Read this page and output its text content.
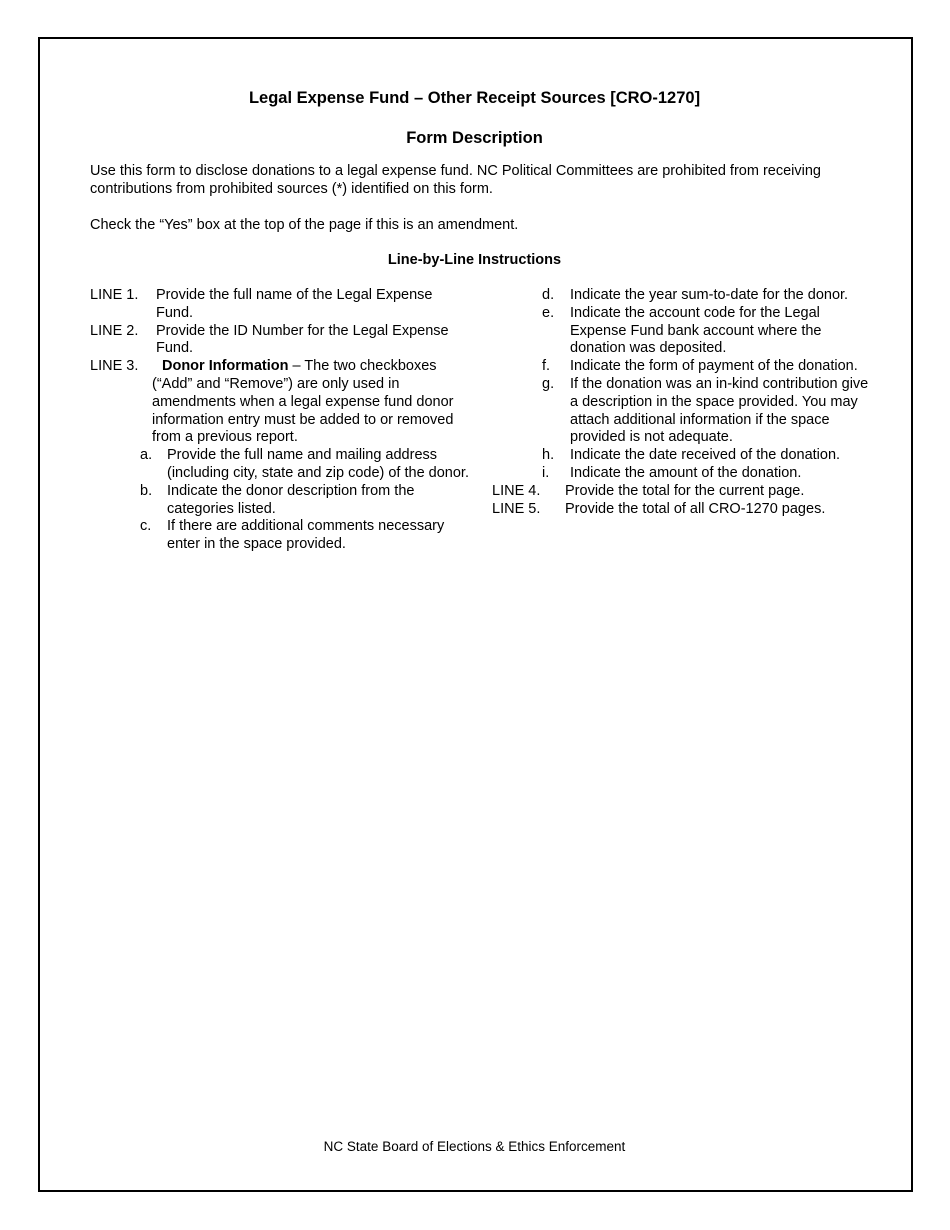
Legal Expense Fund – Other Receipt Sources [CRO-1270]
Form Description
Use this form to disclose donations to a legal expense fund. NC Political Committees are prohibited from receiving contributions from prohibited sources (*) identified on this form.
Check the “Yes” box at the top of the page if this is an amendment.
Line-by-Line Instructions
LINE 1. Provide the full name of the Legal Expense Fund.
LINE 2. Provide the ID Number for the Legal Expense Fund.
LINE 3.	Donor Information – The two checkboxes (“Add” and “Remove”) are only used in amendments when a legal expense fund donor information entry must be added to or removed from a previous report.
a. Provide the full name and mailing address (including city, state and zip code) of the donor.
b. Indicate the donor description from the categories listed.
c. If there are additional comments necessary enter in the space provided.
d. Indicate the year sum-to-date for the donor.
e. Indicate the account code for the Legal Expense Fund bank account where the donation was deposited.
f. Indicate the form of payment of the donation.
g. If the donation was an in-kind contribution give a description in the space provided. You may attach additional information if the space provided is not adequate.
h. Indicate the date received of the donation.
i. Indicate the amount of the donation.
LINE 4. Provide the total for the current page.
LINE 5. Provide the total of all CRO-1270 pages.
NC State Board of Elections & Ethics Enforcement
